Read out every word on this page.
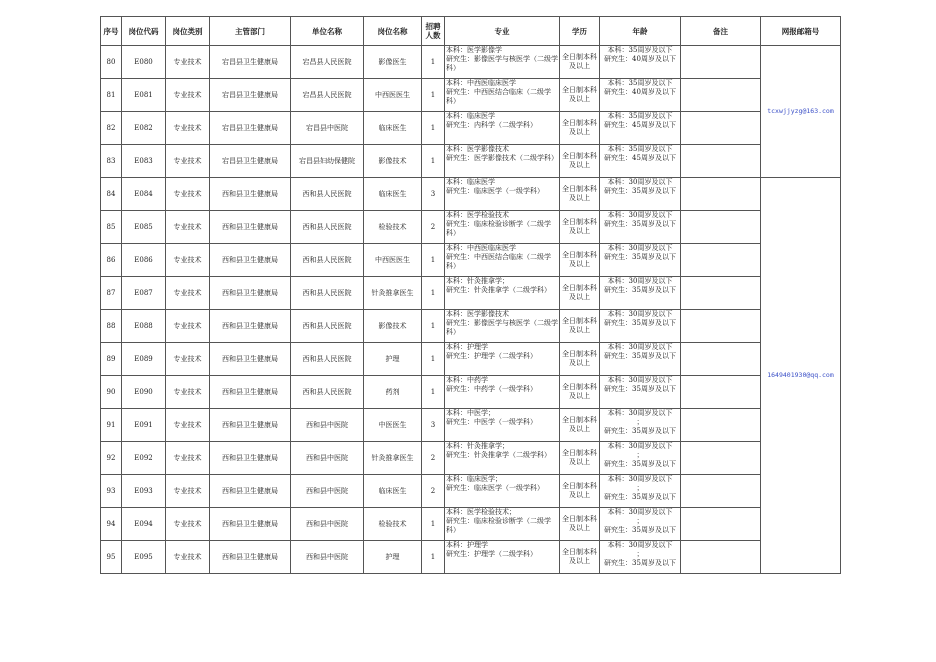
序号	岗位代码	岗位类别	主管部门	单位名称	岗位名称	招聘人数	专业	学历	年龄	备注	网报邮箱号
80	E080	专业技术	宕昌县卫生健康局	宕昌县人民医院	影像医生	1	本科：医学影像学
研究生：影像医学与核医学（二级学科）	全日制本科及以上	本科：35周岁及以下
研究生：40周岁及以下		tcxwjjyzg@163.com
81	E081	专业技术	宕昌县卫生健康局	宕昌县人民医院	中西医医生	1	本科：中西医临床医学
研究生：中西医结合临床（二级学科）	全日制本科及以上	本科：35周岁及以下
研究生：40周岁及以下		

82	E082	专业技术	宕昌县卫生健康局	宕昌县中医院	临床医生	1	本科：临床医学
研究生：内科学（二级学科）	全日制本科及以上	本科：35周岁及以下
研究生：45周岁及以下		

83	E083	专业技术	宕昌县卫生健康局	宕昌县妇幼保健院	影像技术	1	本科：医学影像技术
研究生：医学影像技术（二级学科）	全日制本科及以上	本科：35周岁及以下
研究生：45周岁及以下		

84	E084	专业技术	西和县卫生健康局	西和县人民医院	临床医生	3	本科：临床医学
研究生：临床医学（一级学科）	全日制本科及以上	本科：30周岁及以下
研究生：35周岁及以下		1649401930@qq.com
85	E085	专业技术	西和县卫生健康局	西和县人民医院	检验技术	2	本科：医学检验技术
研究生：临床检验诊断学（二级学科）	全日制本科及以上	本科：30周岁及以下
研究生：35周岁及以下		

86	E086	专业技术	西和县卫生健康局	西和县人民医院	中西医医生	1	本科：中西医临床医学
研究生：中西医结合临床（二级学科）	全日制本科及以上	本科：30周岁及以下
研究生：35周岁及以下		

87	E087	专业技术	西和县卫生健康局	西和县人民医院	针灸推拿医生	1	本科：针灸推拿学；
研究生：针灸推拿学（二级学科）	全日制本科及以上	本科：30周岁及以下
研究生：35周岁及以下		

88	E088	专业技术	西和县卫生健康局	西和县人民医院	影像技术	1	本科：医学影像技术
研究生：影像医学与核医学（二级学科）	全日制本科及以上	本科：30周岁及以下
研究生：35周岁及以下		

89	E089	专业技术	西和县卫生健康局	西和县人民医院	护理	1	本科：护理学
研究生：护理学（二级学科）	全日制本科及以上	本科：30周岁及以下
研究生：35周岁及以下		

90	E090	专业技术	西和县卫生健康局	西和县人民医院	药剂	1	本科：中药学
研究生：中药学（一级学科）	全日制本科及以上	本科：30周岁及以下
研究生：35周岁及以下		

91	E091	专业技术	西和县卫生健康局	西和县中医院	中医医生	3	本科：中医学；
研究生：中医学（一级学科）	全日制本科及以上	本科：30周岁及以下
；
研究生：35周岁及以下		

92	E092	专业技术	西和县卫生健康局	西和县中医院	针灸推拿医生	2	本科：针灸推拿学；
研究生：针灸推拿学（二级学科）	全日制本科及以上	本科：30周岁及以下
；
研究生：35周岁及以下		

93	E093	专业技术	西和县卫生健康局	西和县中医院	临床医生	2	本科：临床医学；
研究生：临床医学（一级学科）	全日制本科及以上	本科：30周岁及以下
；
研究生：35周岁及以下		

94	E094	专业技术	西和县卫生健康局	西和县中医院	检验技术	1	本科：医学检验技术；
研究生：临床检验诊断学（二级学科）	全日制本科及以上	本科：30周岁及以下
；
研究生：35周岁及以下		

95	E095	专业技术	西和县卫生健康局	西和县中医院	护理	1	本科：护理学
研究生：护理学（二级学科）	全日制本科及以上	本科：30周岁及以下
；
研究生：35周岁及以下		
